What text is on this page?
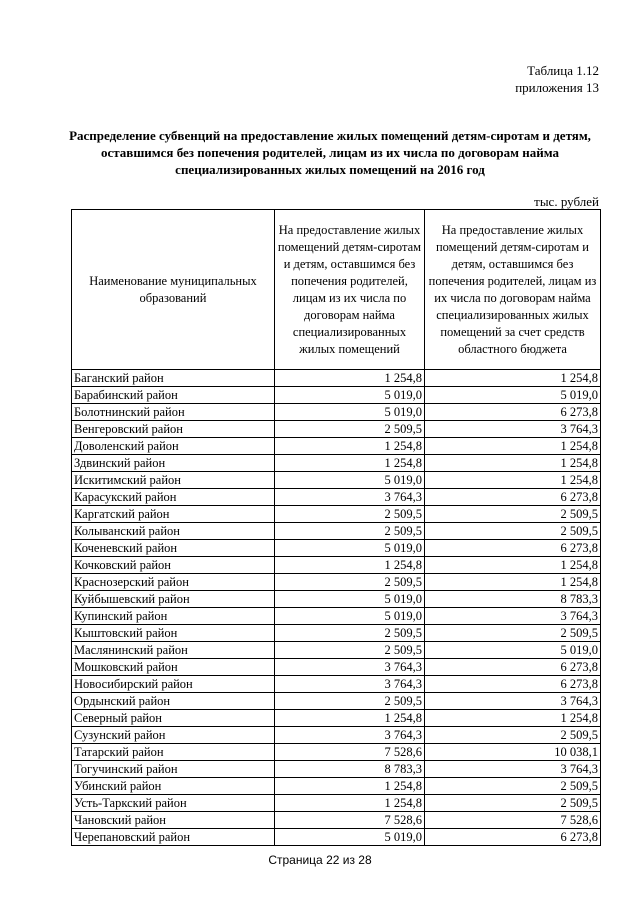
Таблица 1.12
приложения 13
Распределение субвенций на предоставление жилых помещений детям-сиротам и детям, оставшимся без попечения родителей, лицам из их числа по договорам найма специализированных жилых помещений на 2016 год
тыс. рублей
Наименование муниципальных образований	На предоставление жилых помещений детям-сиротам и детям, оставшимся без попечения родителей, лицам из их числа по договорам найма специализированных жилых помещений	На предоставление жилых помещений детям-сиротам и детям, оставшимся без попечения родителей, лицам из их числа по договорам найма специализированных жилых помещений за счет средств областного бюджета
Баганский район	1 254,8	1 254,8
Барабинский район	5 019,0	5 019,0
Болотнинский район	5 019,0	6 273,8
Венгеровский район	2 509,5	3 764,3
Доволенский район	1 254,8	1 254,8
Здвинский район	1 254,8	1 254,8
Искитимский район	5 019,0	1 254,8
Карасукский район	3 764,3	6 273,8
Каргатский район	2 509,5	2 509,5
Колыванский район	2 509,5	2 509,5
Коченевский район	5 019,0	6 273,8
Кочковский район	1 254,8	1 254,8
Краснозерский район	2 509,5	1 254,8
Куйбышевский район	5 019,0	8 783,3
Купинский район	5 019,0	3 764,3
Кыштовский район	2 509,5	2 509,5
Маслянинский район	2 509,5	5 019,0
Мошковский район	3 764,3	6 273,8
Новосибирский район	3 764,3	6 273,8
Ордынский район	2 509,5	3 764,3
Северный район	1 254,8	1 254,8
Сузунский район	3 764,3	2 509,5
Татарский район	7 528,6	10 038,1
Тогучинский район	8 783,3	3 764,3
Убинский район	1 254,8	2 509,5
Усть-Таркский район	1 254,8	2 509,5
Чановский район	7 528,6	7 528,6
Черепановский район	5 019,0	6 273,8
Страница 22 из 28
